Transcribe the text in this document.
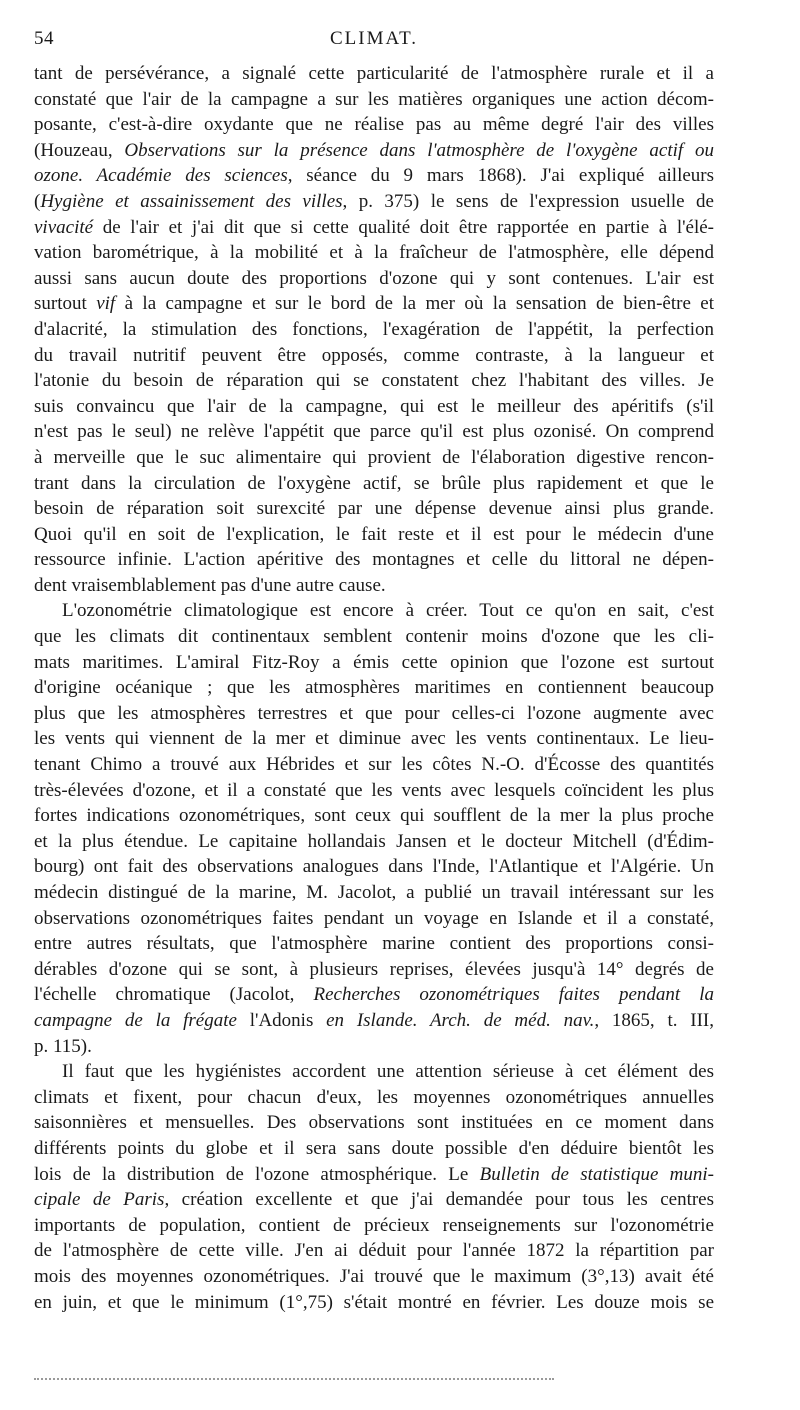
54	CLIMAT.
tant de persévérance, a signalé cette particularité de l'atmosphère rurale et il a
constaté que l'air de la campagne a sur les matières organiques une action décom-
posante, c'est-à-dire oxydante que ne réalise pas au même degré l'air des villes
(Houzeau, Observations sur la présence dans l'atmosphère de l'oxygène actif ou
ozone. Académie des sciences, séance du 9 mars 1868). J'ai expliqué ailleurs
(Hygiène et assainissement des villes, p. 375) le sens de l'expression usuelle de
vivacité de l'air et j'ai dit que si cette qualité doit être rapportée en partie à l'élé-
vation barométrique, à la mobilité et à la fraîcheur de l'atmosphère, elle dépend
aussi sans aucun doute des proportions d'ozone qui y sont contenues. L'air est
surtout vif à la campagne et sur le bord de la mer où la sensation de bien-être et
d'alacrité, la stimulation des fonctions, l'exagération de l'appétit, la perfection
du travail nutritif peuvent être opposés, comme contraste, à la langueur et
l'atonie du besoin de réparation qui se constatent chez l'habitant des villes. Je
suis convaincu que l'air de la campagne, qui est le meilleur des apéritifs (s'il
n'est pas le seul) ne relève l'appétit que parce qu'il est plus ozonisé. On comprend
à merveille que le suc alimentaire qui provient de l'élaboration digestive rencon-
trant dans la circulation de l'oxygène actif, se brûle plus rapidement et que le
besoin de réparation soit surexcité par une dépense devenue ainsi plus grande.
Quoi qu'il en soit de l'explication, le fait reste et il est pour le médecin d'une
ressource infinie. L'action apéritive des montagnes et celle du littoral ne dépen-
dent vraisemblablement pas d'une autre cause.
L'ozonométrie climatologique est encore à créer. Tout ce qu'on en sait, c'est
que les climats dit continentaux semblent contenir moins d'ozone que les cli-
mats maritimes. L'amiral Fitz-Roy a émis cette opinion que l'ozone est surtout
d'origine océanique ; que les atmosphères maritimes en contiennent beaucoup
plus que les atmosphères terrestres et que pour celles-ci l'ozone augmente avec
les vents qui viennent de la mer et diminue avec les vents continentaux. Le lieu-
tenant Chimo a trouvé aux Hébrides et sur les côtes N.-O. d'Écosse des quantités
très-élevées d'ozone, et il a constaté que les vents avec lesquels coïncident les plus
fortes indications ozonométriques, sont ceux qui soufflent de la mer la plus proche
et la plus étendue. Le capitaine hollandais Jansen et le docteur Mitchell (d'Édim-
bourg) ont fait des observations analogues dans l'Inde, l'Atlantique et l'Algérie. Un
médecin distingué de la marine, M. Jacolot, a publié un travail intéressant sur les
observations ozonométriques faites pendant un voyage en Islande et il a constaté,
entre autres résultats, que l'atmosphère marine contient des proportions consi-
dérables d'ozone qui se sont, à plusieurs reprises, élevées jusqu'à 14° degrés de
l'échelle chromatique (Jacolot, Recherches ozonométriques faites pendant la
campagne de la frégate l'Adonis en Islande. Arch. de méd. nav., 1865, t. III,
p. 115).
Il faut que les hygiénistes accordent une attention sérieuse à cet élément des
climats et fixent, pour chacun d'eux, les moyennes ozonométriques annuelles
saisonnières et mensuelles. Des observations sont instituées en ce moment dans
différents points du globe et il sera sans doute possible d'en déduire bientôt les
lois de la distribution de l'ozone atmosphérique. Le Bulletin de statistique muni-
cipale de Paris, création excellente et que j'ai demandée pour tous les centres
importants de population, contient de précieux renseignements sur l'ozonométrie
de l'atmosphère de cette ville. J'en ai déduit pour l'année 1872 la répartition par
mois des moyennes ozonométriques. J'ai trouvé que le maximum (3°,13) avait été
en juin, et que le minimum (1°,75) s'était montré en février. Les douze mois se
